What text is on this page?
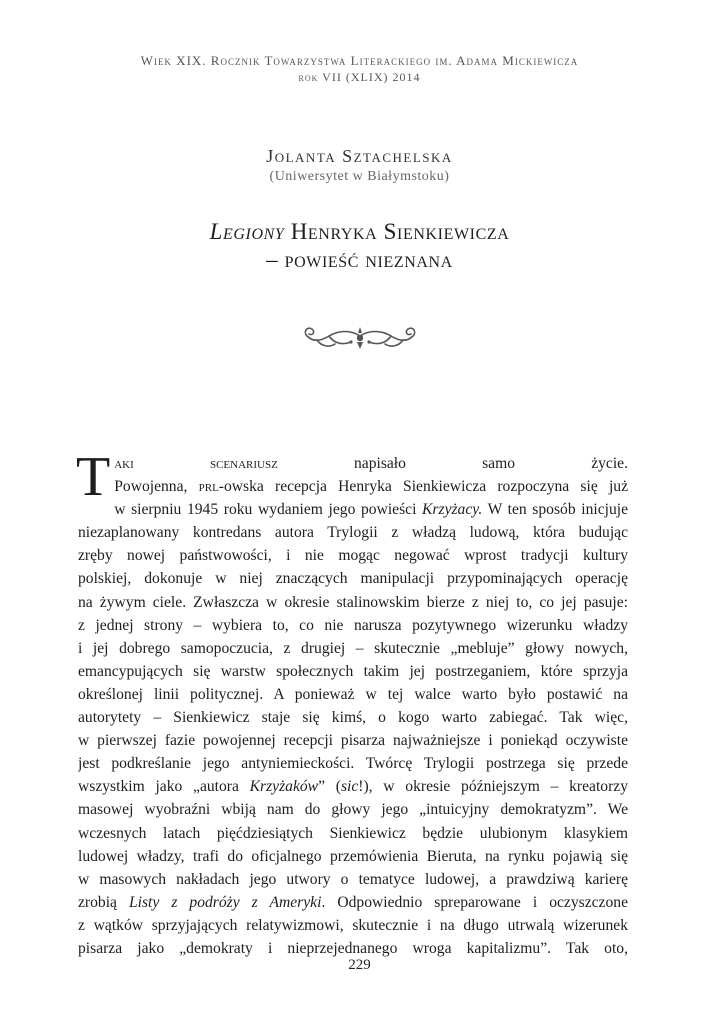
Wiek XIX. Rocznik Towarzystwa Literackiego im. Adama Mickiewicza
rok VII (XLIX) 2014
Jolanta Sztachelska
(Uniwersytet w Białymstoku)
Legiony Henryka Sienkiewicza
– powieść nieznana
T aki scenariusz napisało samo życie.
Powojenna, prl-owska recepcja Henryka Sienkiewicza rozpoczyna się już
w sierpniu 1945 roku wydaniem jego powieści Krzyżacy. W ten sposób inicjuje
niezaplanowany kontredans autora Trylogii z władzą ludową, która budując
zręby nowej państwowości, i nie mogąc negować wprost tradycji kultury
polskiej, dokonuje w niej znaczących manipulacji przypominających operację
na żywym ciele. Zwłaszcza w okresie stalinowskim bierze z niej to, co jej pasuje:
z jednej strony – wybiera to, co nie narusza pozytywnego wizerunku władzy
i jej dobrego samopoczucia, z drugiej – skutecznie „mebluje” głowy nowych,
emancypujących się warstw społecznych takim jej postrzeganiem, które sprzyja
określonej linii politycznej. A ponieważ w tej walce warto było postawić na
autorytety – Sienkiewicz staje się kimś, o kogo warto zabiegać. Tak więc,
w pierwszej fazie powojennej recepcji pisarza najważniejsze i poniekąd oczywiste
jest podkreślanie jego antyniemieckości. Twórcę Trylogii postrzega się przede
wszystkim jako „autora Krzyżaków” (sic!), w okresie późniejszym – kreatorzy
masowej wyobraźni wbiją nam do głowy jego „intuicyjny demokratyzm”. We
wczesnych latach pięćdziesiątych Sienkiewicz będzie ulubionym klasykiem
ludowej władzy, trafi do oficjalnego przemówienia Bieruta, na rynku pojawią się
w masowych nakładach jego utwory o tematyce ludowej, a prawdziwą karierę
zrobią Listy z podróży z Ameryki. Odpowiednio spreparowane i oczyszczone
z wątków sprzyjających relatywizmowi, skutecznie i na długo utrwalą wizerunek
pisarza jako „demokraty i nieprzejednanego wroga kapitalizmu”. Tak oto,
229
